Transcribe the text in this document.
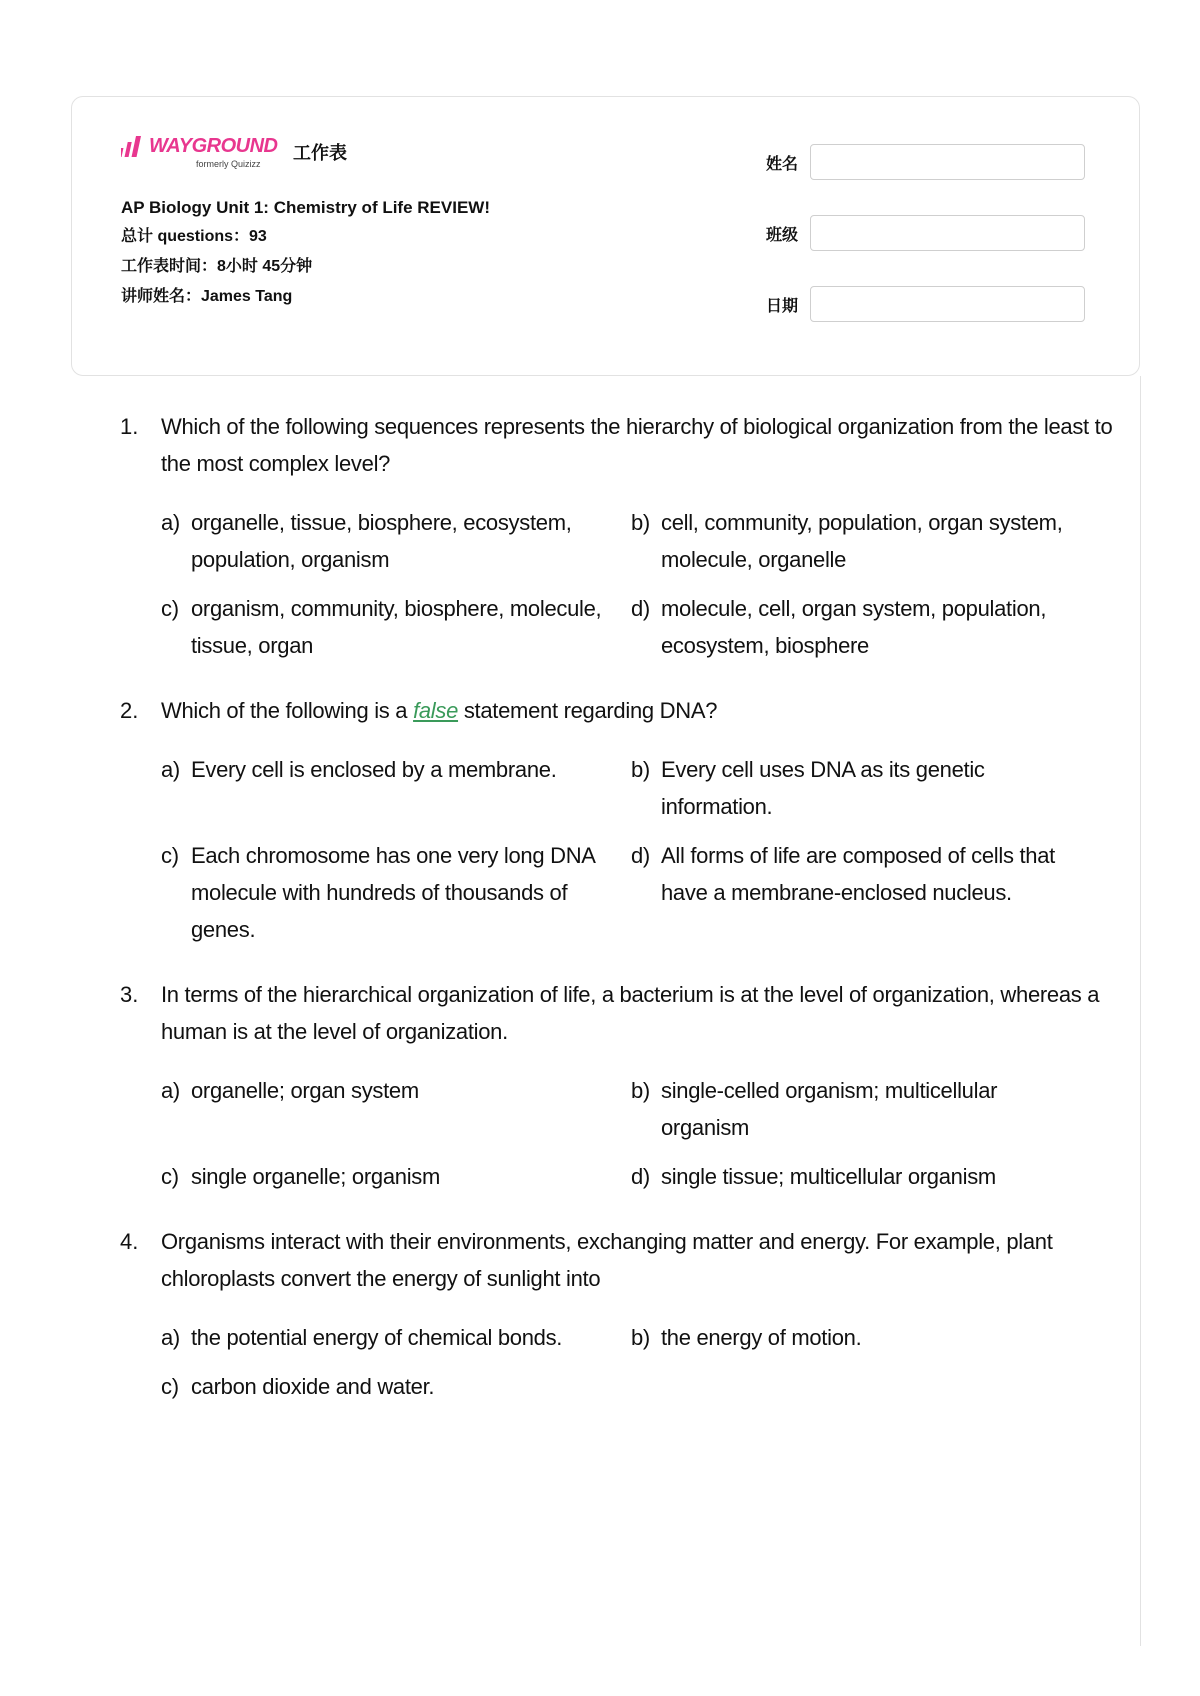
WAYGROUND
formerly Quizizz
工作表
AP Biology Unit 1: Chemistry of Life REVIEW!
总计 questions：93
工作表时间：8小时 45分钟
讲师姓名：James Tang
姓名
班级
日期
1. Which of the following sequences represents the hierarchy of biological organization from the least to the most complex level?
a) organelle, tissue, biosphere, ecosystem, population, organism
b) cell, community, population, organ system, molecule, organelle
c) organism, community, biosphere, molecule, tissue, organ
d) molecule, cell, organ system, population, ecosystem, biosphere
2. Which of the following is a false statement regarding DNA?
a) Every cell is enclosed by a membrane.	b) Every cell uses DNA as its genetic information.
c) Each chromosome has one very long DNA molecule with hundreds of thousands of genes.
d) All forms of life are composed of cells that have a membrane-enclosed nucleus.
3. In terms of the hierarchical organization of life, a bacterium is at the level of organization, whereas a human is at the level of organization.
a) organelle; organ system	b) single-celled organism; multicellular organism
c) single organelle; organism	d) single tissue; multicellular organism
4. Organisms interact with their environments, exchanging matter and energy. For example, plant chloroplasts convert the energy of sunlight into
a) the potential energy of chemical bonds.	b) the energy of motion.
c) carbon dioxide and water.
